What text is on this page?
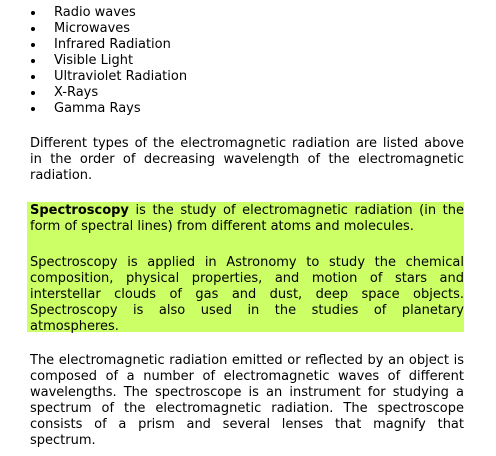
Radio waves
Microwaves
Infrared Radiation
Visible Light
Ultraviolet Radiation
X-Rays
Gamma Rays

Different types of the electromagnetic radiation are listed above in the order of decreasing wavelength of the electromagnetic radiation.

Spectroscopy is the study of electromagnetic radiation (in the form of spectral lines) from different atoms and molecules.

Spectroscopy is applied in Astronomy to study the chemical composition, physical properties, and motion of stars and interstellar clouds of gas and dust, deep space objects. Spectroscopy is also used in the studies of planetary atmospheres.

The electromagnetic radiation emitted or reflected by an object is composed of a number of electromagnetic waves of different wavelengths. The spectroscope is an instrument for studying a spectrum of the electromagnetic radiation. The spectroscope consists of a prism and several lenses that magnify that spectrum.
